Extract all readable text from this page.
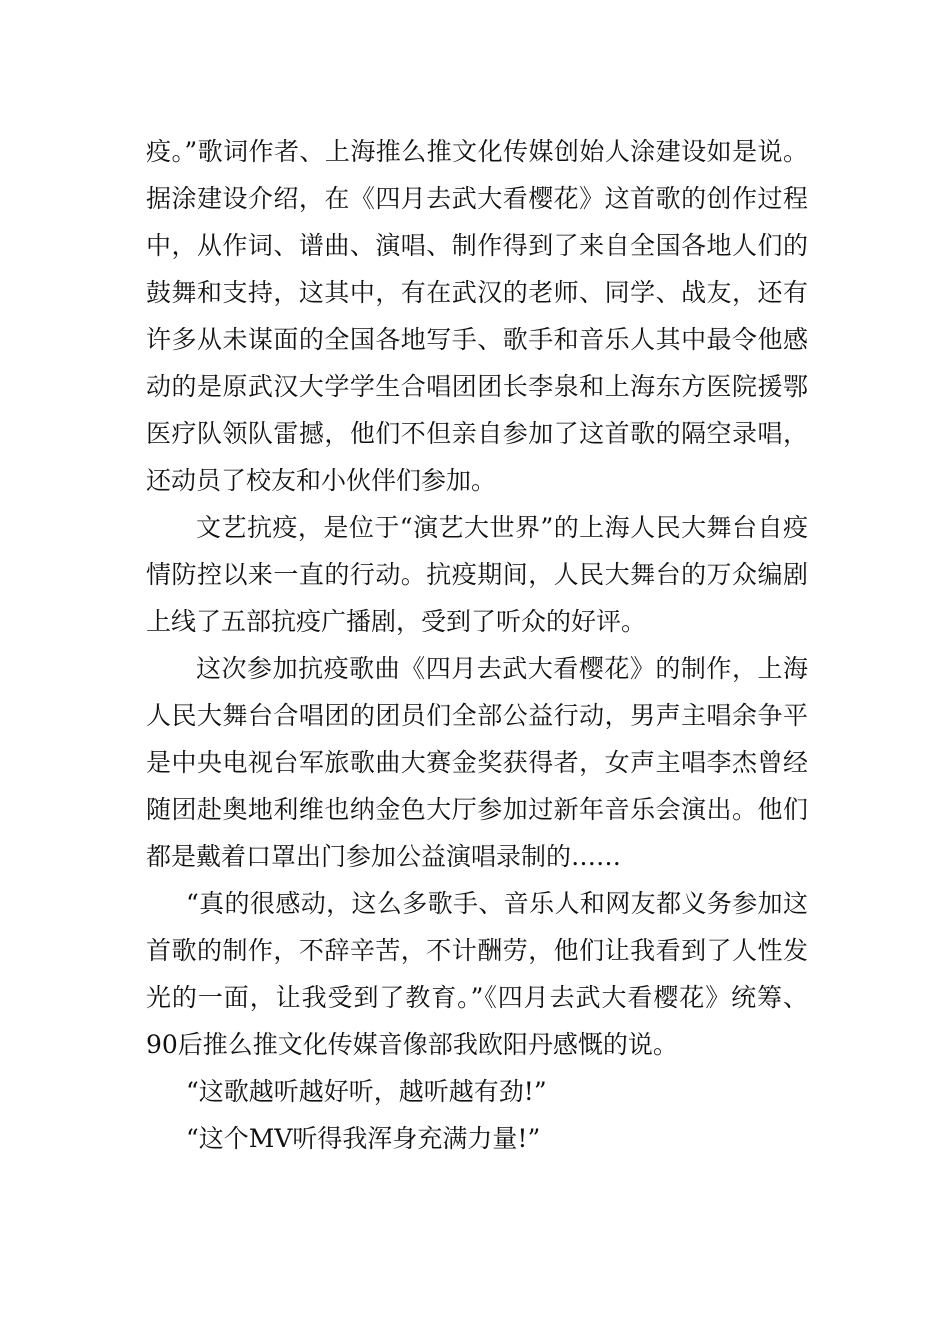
疫。”歌词作者、上海推么推文化传媒创始人涂建设如是说。据涂建设介绍，在《四月去武大看樱花》这首歌的创作过程中，从作词、谱曲、演唱、制作得到了来自全国各地人们的鼓舞和支持，这其中，有在武汉的老师、同学、战友，还有许多从未谋面的全国各地写手、歌手和音乐人其中最令他感动的是原武汉大学学生合唱团团长李泉和上海东方医院援鄂医疗队领队雷撼，他们不但亲自参加了这首歌的隔空录唱，还动员了校友和小伙伴们参加。

文艺抗疫，是位于“演艺大世界”的上海人民大舞台自疫情防控以来一直的行动。抗疫期间，人民大舞台的万众编剧上线了五部抗疫广播剧，受到了听众的好评。

这次参加抗疫歌曲《四月去武大看樱花》的制作，上海人民大舞台合唱团的团员们全部公益行动，男声主唱余争平是中央电视台军旅歌曲大赛金奖获得者，女声主唱李杰曾经随团赴奥地利维也纳金色大厅参加过新年音乐会演出。他们都是戴着口罩出门参加公益演唱录制的……

“真的很感动，这么多歌手、音乐人和网友都义务参加这首歌的制作，不辞辛苦，不计酬劳，他们让我看到了人性发光的一面，让我受到了教育。”《四月去武大看樱花》统筹、90后推么推文化传媒音像部我欧阳丹感慨的说。

“这歌越听越好听，越听越有劲!”

“这个MV听得我浑身充满力量!”
